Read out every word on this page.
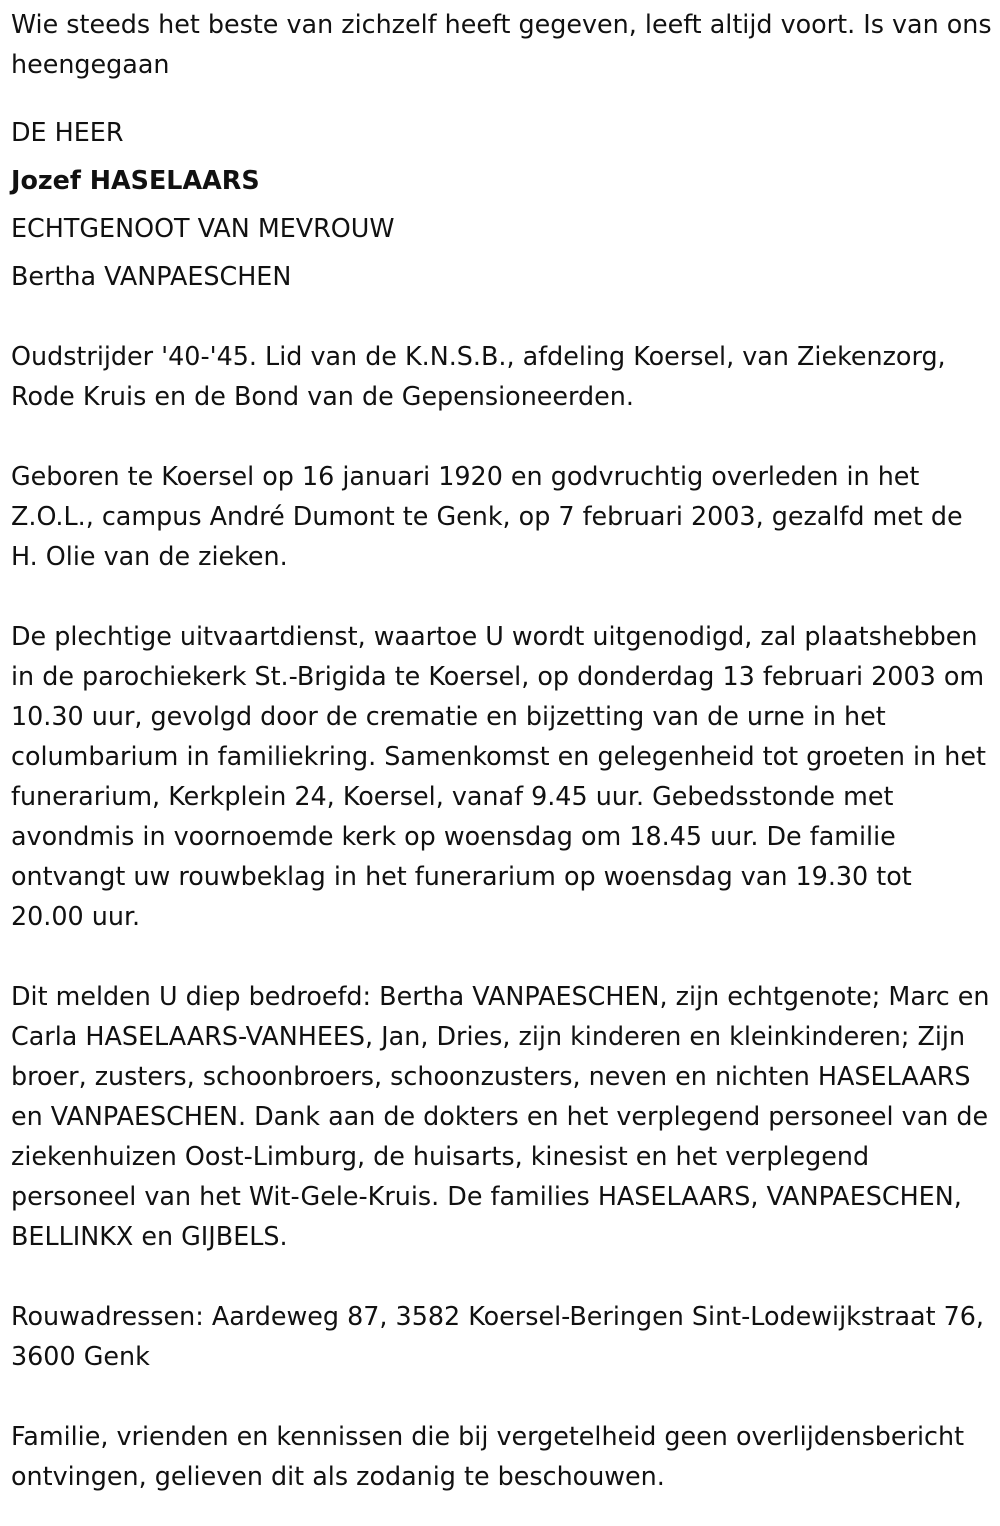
Wie steeds het beste van zichzelf heeft gegeven, leeft altijd voort. Is van ons heengegaan

DE HEER

Jozef HASELAARS

ECHTGENOOT VAN MEVROUW

Bertha VANPAESCHEN

Oudstrijder '40-'45. Lid van de K.N.S.B., afdeling Koersel, van Ziekenzorg, Rode Kruis en de Bond van de Gepensioneerden.

Geboren te Koersel op 16 januari 1920 en godvruchtig overleden in het Z.O.L., campus André Dumont te Genk, op 7 februari 2003, gezalfd met de H. Olie van de zieken.

De plechtige uitvaartdienst, waartoe U wordt uitgenodigd, zal plaatshebben in de parochiekerk St.-Brigida te Koersel, op donderdag 13 februari 2003 om 10.30 uur, gevolgd door de crematie en bijzetting van de urne in het columbarium in familiekring. Samenkomst en gelegenheid tot groeten in het funerarium, Kerkplein 24, Koersel, vanaf 9.45 uur. Gebedsstonde met avondmis in voornoemde kerk op woensdag om 18.45 uur. De familie ontvangt uw rouwbeklag in het funerarium op woensdag van 19.30 tot 20.00 uur.

Dit melden U diep bedroefd: Bertha VANPAESCHEN, zijn echtgenote; Marc en Carla HASELAARS-VANHEES, Jan, Dries, zijn kinderen en kleinkinderen; Zijn broer, zusters, schoonbroers, schoonzusters, neven en nichten HASELAARS en VANPAESCHEN. Dank aan de dokters en het verplegend personeel van de ziekenhuizen Oost-Limburg, de huisarts, kinesist en het verplegend personeel van het Wit-Gele-Kruis. De families HASELAARS, VANPAESCHEN, BELLINKX en GIJBELS.

Rouwadressen: Aardeweg 87, 3582 Koersel-Beringen Sint-Lodewijkstraat 76, 3600 Genk

Familie, vrienden en kennissen die bij vergetelheid geen overlijdensbericht ontvingen, gelieven dit als zodanig te beschouwen.
